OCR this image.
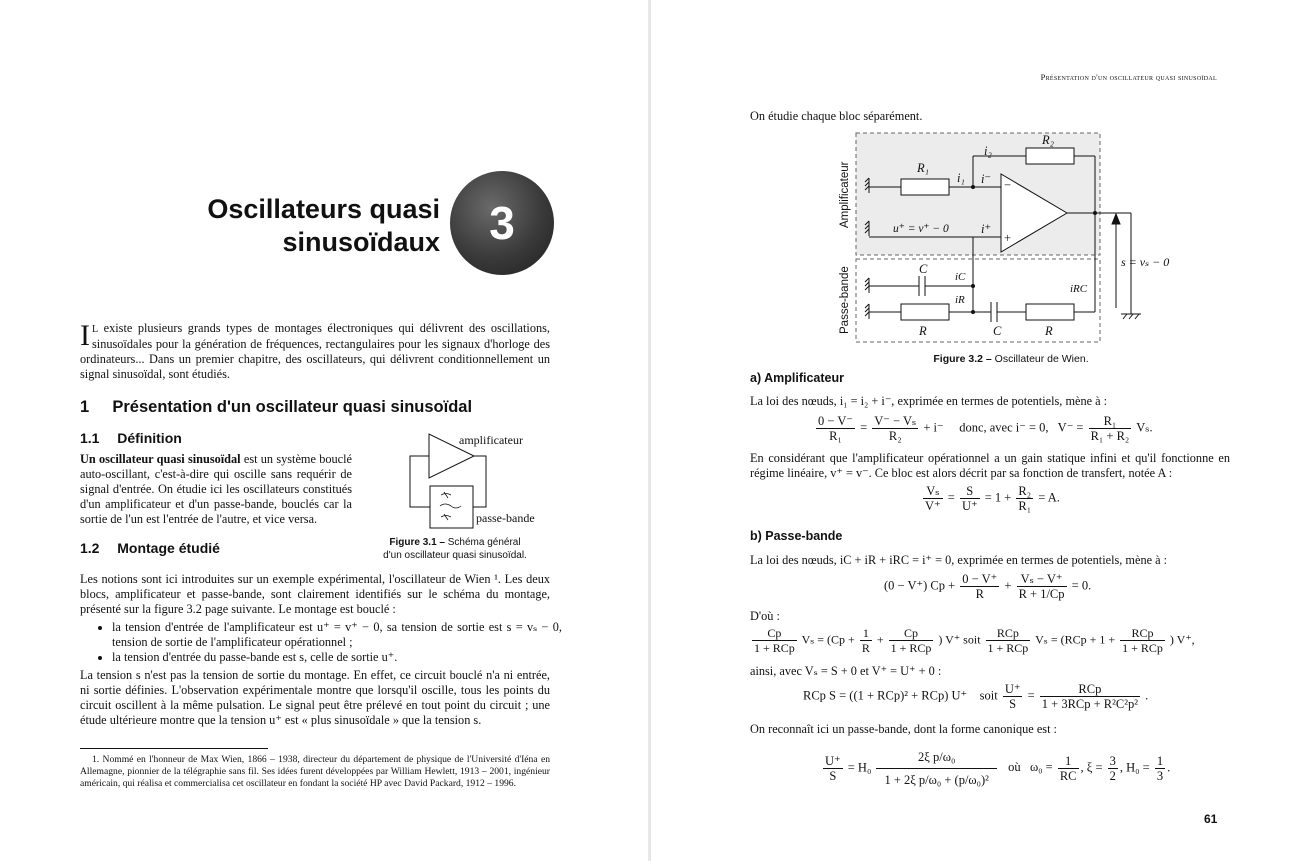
Oscillateurs quasi
sinusoïdaux	3
I L existe plusieurs grands types de montages électroniques qui délivrent des oscillations, sinusoïdales pour la génération de fréquences, rectangulaires pour les signaux d'horloge des ordinateurs... Dans un premier chapitre, des oscillateurs, qui délivrent conditionnellement un signal sinusoïdal, sont étudiés.
1 Présentation d'un oscillateur quasi sinusoïdal
1.1 Définition
Un oscillateur quasi sinusoïdal est un système bouclé auto-oscillant, c'est-à-dire qui oscille sans requérir de signal d'entrée. On étudie ici les oscillateurs constitués d'un amplificateur et d'un passe-bande, bouclés car la sortie de l'un est l'entrée de l'autre, et vice versa.
amplificateur
passe-bande
Figure 3.1 – Schéma général
d'un oscillateur quasi sinusoïdal.
1.2 Montage étudié
Les notions sont ici introduites sur un exemple expérimental, l'oscillateur de Wien ¹. Les deux blocs, amplificateur et passe-bande, sont clairement identifiés sur le schéma du montage, présenté sur la figure 3.2 page suivante. Le montage est bouclé :
• la tension d'entrée de l'amplificateur est u⁺ = v⁺ − 0, sa tension de sortie est s = vₛ − 0, tension de sortie de l'amplificateur opérationnel ;
• la tension d'entrée du passe-bande est s, celle de sortie u⁺.
La tension s n'est pas la tension de sortie du montage. En effet, ce circuit bouclé n'a ni entrée, ni sortie définies. L'observation expérimentale montre que lorsqu'il oscille, tous les points du circuit oscillent à la même pulsation. Le signal peut être prélevé en tout point du circuit ; une étude ultérieure montre que la tension u⁺ est « plus sinusoïdale » que la tension s.
1. Nommé en l'honneur de Max Wien, 1866 – 1938, directeur du département de physique de l'Université d'Iéna en Allemagne, pionnier de la télégraphie sans fil. Ses idées furent développées par William Hewlett, 1913 – 2001, ingénieur américain, qui réalisa et commercialisa cet oscillateur en fondant la société HP avec David Packard, 1912 – 1996.
Présentation d'un oscillateur quasi sinusoïdal
On étudie chaque bloc séparément.
Amplificateur
Passe-bande
R₁
R₂
i₂
i₁ i⁻ −
u⁺ = v⁺ − 0	i⁺
+
C
iC
iR
iRC
R	C	R
s = vₛ − 0
Figure 3.2 – Oscillateur de Wien.
a) Amplificateur
La loi des nœuds, i₁ = i₂ + i⁻, exprimée en termes de potentiels, mène à :
$\frac{0 - V^-}{\text{R₁}} = \frac{\text{V⁻ − Vₛ}}{\text{R₂}} + i^-$     donc, avec i⁻ = 0,   $V^- = \frac{\text{R₁}}{\text{R₁ + R₂}} V_s$.
En considérant que l'amplificateur opérationnel a un gain statique infini et qu'il fonctionne en régime linéaire, v⁺ = v⁻. Ce bloc est alors décrit par sa fonction de transfert, notée A :
$\frac{\text{Vₛ}}{V^+} = \frac{S}{U^+} = 1 + \frac{\text{R₂}}{\text{R₁}} = A$.
b) Passe-bande
La loi des nœuds, iC + iR + iRC = i⁺ = 0, exprimée en termes de potentiels, mène à :
(0 − V⁺) $Cp + \frac{0 - V^+}{R} + \frac{\text{Vₛ − V⁺}}{R + 1/Cp} = 0$.
D'où :
$\frac{Cp}{\text{1 + RCp}}$ $V_s = (Cp + \frac{1}{R} + \frac{Cp}{\text{1 + RCp}}$ ) V⁺ soit $\frac{\text{RCp}}{\text{1 + RCp}}$ $V_s = (RCp + 1 + \frac{\text{RCp}}{\text{1 + RCp}}$ ) V⁺,
ainsi, avec Vₛ = S + 0 et V⁺ = U⁺ + 0 :
RCp S = ((1 + RCp)² + RCp) U⁺    soit $\frac{U^+}{S} = \frac{\text{RCp}}{\text{1 + 3RCp + R²C²p²}}$ .
On reconnaît ici un passe-bande, dont la forme canonique est :
$\frac{U^+}{S} = H_0 \frac{\text{2ξ p/ω₀}}{\text{1 + 2ξ p/ω₀ + (p/ω₀)²}}$ où   $\omega_0 = \frac{1}{RC}$ , $\xi = \frac{3}{2}$ , $H_0 = \frac{1}{3}$ .
61
